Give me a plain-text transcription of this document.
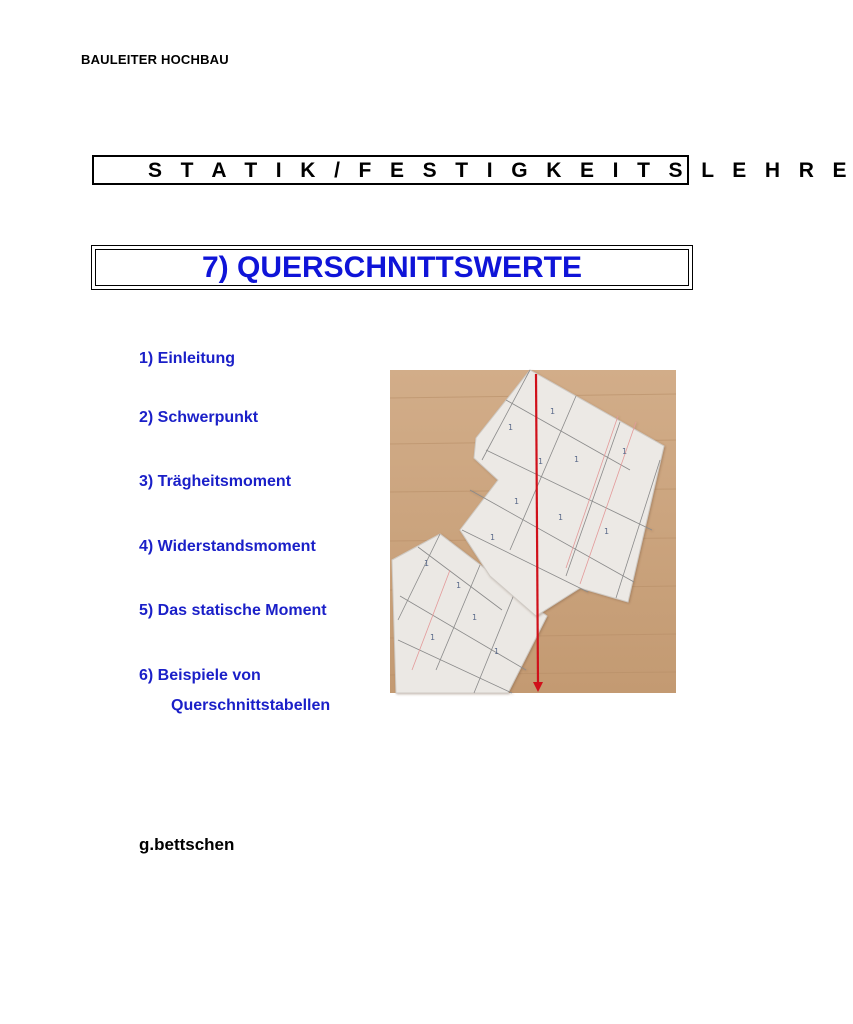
BAULEITER HOCHBAU
S T A T I K / F E S T I G K E I T S L E H R E
7) QUERSCHNITTSWERTE
1) Einleitung
2) Schwerpunkt
3) Trägheitsmoment
4) Widerstandsmoment
5) Das statische Moment
6) Beispiele von
Querschnittstabellen
1
1
1
1
1
1
1
1
1
1
1
1
1
1
g.bettschen
